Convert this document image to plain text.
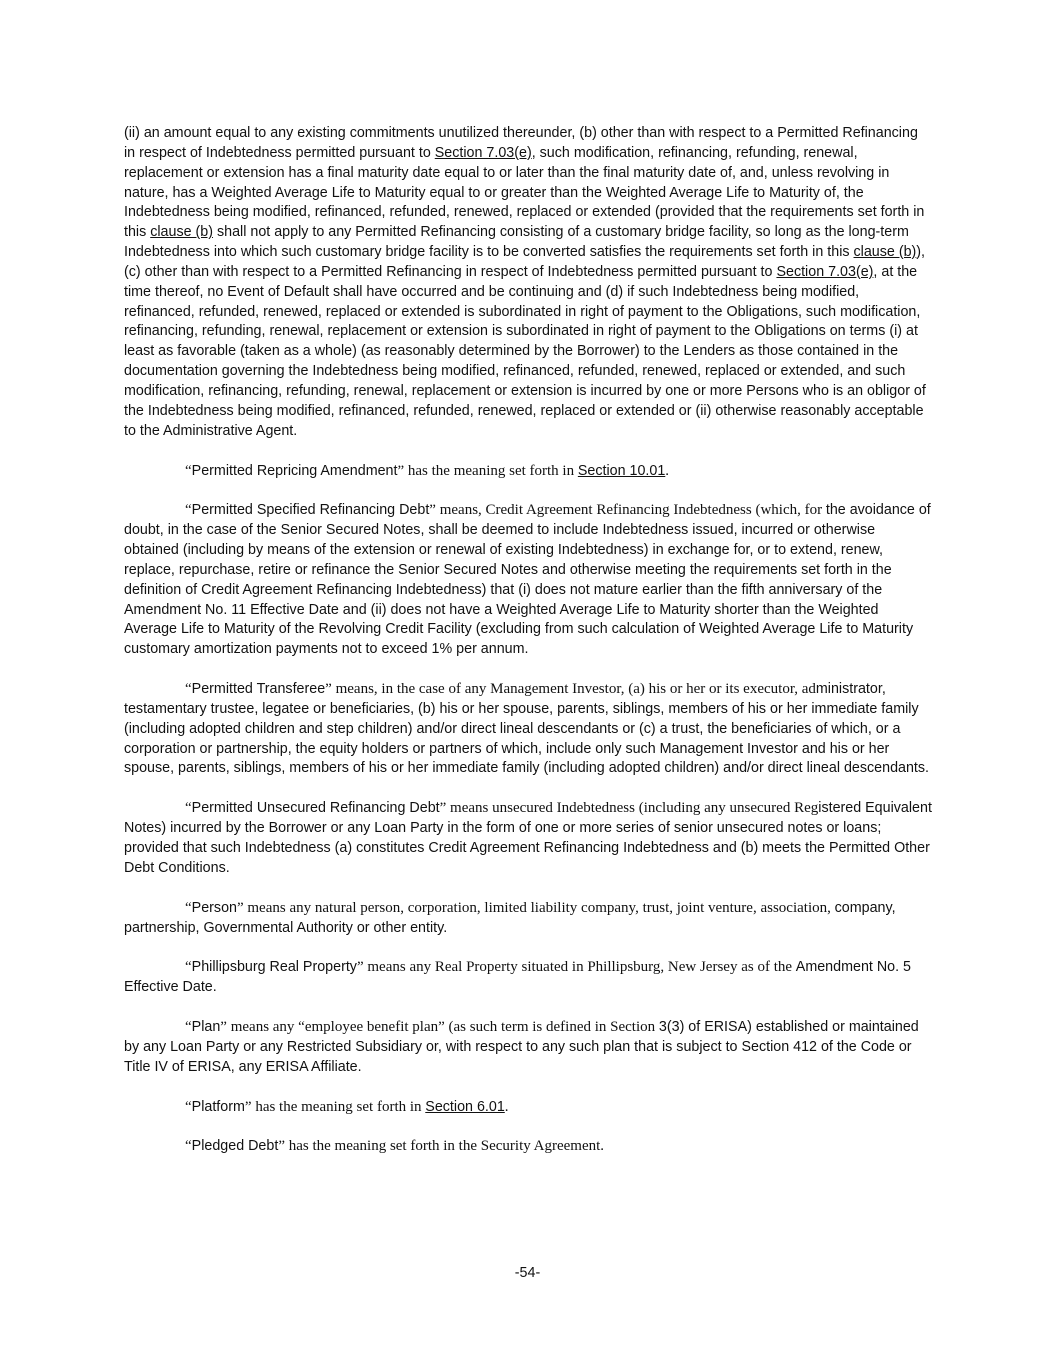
(ii) an amount equal to any existing commitments unutilized thereunder, (b) other than with respect to a Permitted Refinancing in respect of Indebtedness permitted pursuant to Section 7.03(e), such modification, refinancing, refunding, renewal, replacement or extension has a final maturity date equal to or later than the final maturity date of, and, unless revolving in nature, has a Weighted Average Life to Maturity equal to or greater than the Weighted Average Life to Maturity of, the Indebtedness being modified, refinanced, refunded, renewed, replaced or extended (provided that the requirements set forth in this clause (b) shall not apply to any Permitted Refinancing consisting of a customary bridge facility, so long as the long-term Indebtedness into which such customary bridge facility is to be converted satisfies the requirements set forth in this clause (b)), (c) other than with respect to a Permitted Refinancing in respect of Indebtedness permitted pursuant to Section 7.03(e), at the time thereof, no Event of Default shall have occurred and be continuing and (d) if such Indebtedness being modified, refinanced, refunded, renewed, replaced or extended is subordinated in right of payment to the Obligations, such modification, refinancing, refunding, renewal, replacement or extension is subordinated in right of payment to the Obligations on terms (i) at least as favorable (taken as a whole) (as reasonably determined by the Borrower) to the Lenders as those contained in the documentation governing the Indebtedness being modified, refinanced, refunded, renewed, replaced or extended, and such modification, refinancing, refunding, renewal, replacement or extension is incurred by one or more Persons who is an obligor of the Indebtedness being modified, refinanced, refunded, renewed, replaced or extended or (ii) otherwise reasonably acceptable to the Administrative Agent.

“Permitted Repricing Amendment” has the meaning set forth in Section 10.01.

“Permitted Specified Refinancing Debt” means, Credit Agreement Refinancing Indebtedness (which, for the avoidance of doubt, in the case of the Senior Secured Notes, shall be deemed to include Indebtedness issued, incurred or otherwise obtained (including by means of the extension or renewal of existing Indebtedness) in exchange for, or to extend, renew, replace, repurchase, retire or refinance the Senior Secured Notes and otherwise meeting the requirements set forth in the definition of Credit Agreement Refinancing Indebtedness) that (i) does not mature earlier than the fifth anniversary of the Amendment No. 11 Effective Date and (ii) does not have a Weighted Average Life to Maturity shorter than the Weighted Average Life to Maturity of the Revolving Credit Facility (excluding from such calculation of Weighted Average Life to Maturity customary amortization payments not to exceed 1% per annum.

“Permitted Transferee” means, in the case of any Management Investor, (a) his or her or its executor, administrator, testamentary trustee, legatee or beneficiaries, (b) his or her spouse, parents, siblings, members of his or her immediate family (including adopted children and step children) and/or direct lineal descendants or (c) a trust, the beneficiaries of which, or a corporation or partnership, the equity holders or partners of which, include only such Management Investor and his or her spouse, parents, siblings, members of his or her immediate family (including adopted children) and/or direct lineal descendants.

“Permitted Unsecured Refinancing Debt” means unsecured Indebtedness (including any unsecured Registered Equivalent Notes) incurred by the Borrower or any Loan Party in the form of one or more series of senior unsecured notes or loans; provided that such Indebtedness (a) constitutes Credit Agreement Refinancing Indebtedness and (b) meets the Permitted Other Debt Conditions.

“Person” means any natural person, corporation, limited liability company, trust, joint venture, association, company, partnership, Governmental Authority or other entity.

“Phillipsburg Real Property” means any Real Property situated in Phillipsburg, New Jersey as of the Amendment No. 5 Effective Date.

“Plan” means any “employee benefit plan” (as such term is defined in Section 3(3) of ERISA) established or maintained by any Loan Party or any Restricted Subsidiary or, with respect to any such plan that is subject to Section 412 of the Code or Title IV of ERISA, any ERISA Affiliate.

“Platform” has the meaning set forth in Section 6.01.

“Pledged Debt” has the meaning set forth in the Security Agreement.

-54-
